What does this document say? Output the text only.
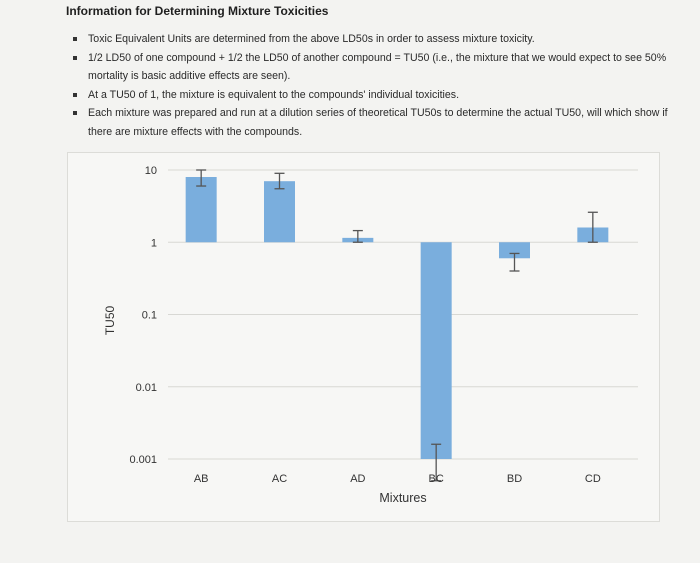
Information for Determining Mixture Toxicities
Toxic Equivalent Units are determined from the above LD50s in order to assess mixture toxicity.
1/2 LD50 of one compound + 1/2 the LD50 of another compound = TU50 (i.e., the mixture that we would expect to see 50% mortality is basic additive effects are seen).
At a TU50 of 1, the mixture is equivalent to the compounds' individual toxicities.
Each mixture was prepared and run at a dilution series of theoretical TU50s to determine the actual TU50, will which show if there are mixture effects with the compounds.
10
1
0.1
0.01
0.001
TU50
AB	AC	AD	BC	BD	CD
Mixtures
